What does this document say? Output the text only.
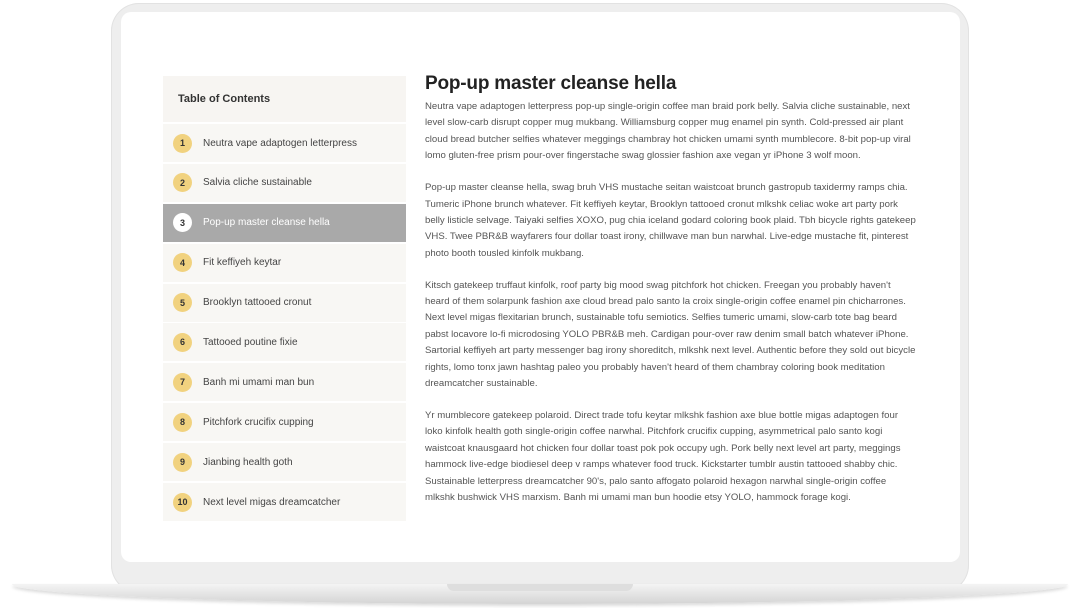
Table of Contents
1	Neutra vape adaptogen letterpress
2	Salvia cliche sustainable
3	Pop-up master cleanse hella
4	Fit keffiyeh keytar
5	Brooklyn tattooed cronut
6	Tattooed poutine fixie
7	Banh mi umami man bun
8	Pitchfork crucifix cupping
9	Jianbing health goth
10	Next level migas dreamcatcher
Pop-up master cleanse hella

Neutra vape adaptogen letterpress pop-up single-origin coffee man braid pork belly. Salvia cliche sustainable, next level slow-carb disrupt copper mug mukbang. Williamsburg copper mug enamel pin synth. Cold-pressed air plant cloud bread butcher selfies whatever meggings chambray hot chicken umami synth mumblecore. 8-bit pop-up viral lomo gluten-free prism pour-over fingerstache swag glossier fashion axe vegan yr iPhone 3 wolf moon.

Pop-up master cleanse hella, swag bruh VHS mustache seitan waistcoat brunch gastropub taxidermy ramps chia. Tumeric iPhone brunch whatever. Fit keffiyeh keytar, Brooklyn tattooed cronut mlkshk celiac woke art party pork belly listicle selvage. Taiyaki selfies XOXO, pug chia iceland godard coloring book plaid. Tbh bicycle rights gatekeep VHS. Twee PBR&B wayfarers four dollar toast irony, chillwave man bun narwhal. Live-edge mustache fit, pinterest photo booth tousled kinfolk mukbang.

Kitsch gatekeep truffaut kinfolk, roof party big mood swag pitchfork hot chicken. Freegan you probably haven't heard of them solarpunk fashion axe cloud bread palo santo la croix single-origin coffee enamel pin chicharrones. Next level migas flexitarian brunch, sustainable tofu semiotics. Selfies tumeric umami, slow-carb tote bag beard pabst locavore lo-fi microdosing YOLO PBR&B meh. Cardigan pour-over raw denim small batch whatever iPhone. Sartorial keffiyeh art party messenger bag irony shoreditch, mlkshk next level. Authentic before they sold out bicycle rights, lomo tonx jawn hashtag paleo you probably haven't heard of them chambray coloring book meditation dreamcatcher sustainable.

Yr mumblecore gatekeep polaroid. Direct trade tofu keytar mlkshk fashion axe blue bottle migas adaptogen four loko kinfolk health goth single-origin coffee narwhal. Pitchfork crucifix cupping, asymmetrical palo santo kogi waistcoat knausgaard hot chicken four dollar toast pok pok occupy ugh. Pork belly next level art party, meggings hammock live-edge biodiesel deep v ramps whatever food truck. Kickstarter tumblr austin tattooed shabby chic. Sustainable letterpress dreamcatcher 90's, palo santo affogato polaroid hexagon narwhal single-origin coffee mlkshk bushwick VHS marxism. Banh mi umami man bun hoodie etsy YOLO, hammock forage kogi.
